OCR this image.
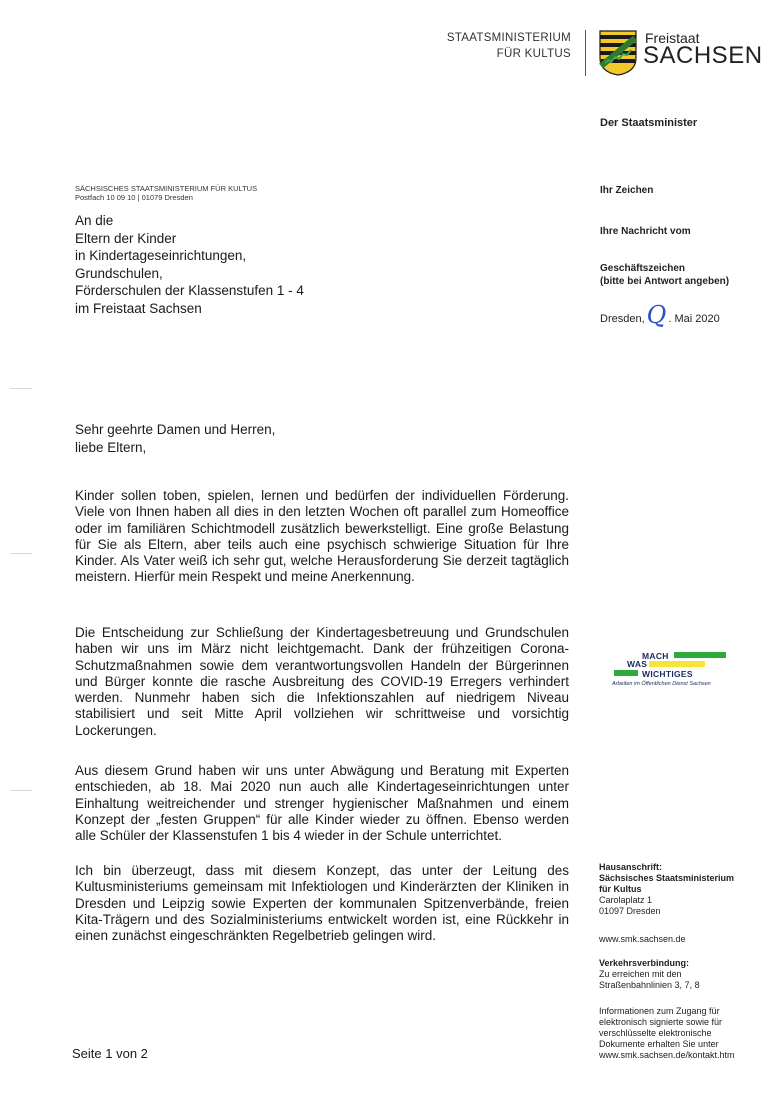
STAATSMINISTERIUM
FÜR KULTUS
Freistaat
SACHSEN
Der Staatsminister
Ihr Zeichen
Ihre Nachricht vom
Geschäftszeichen
(bitte bei Antwort angeben)
Dresden, Q . Mai 2020
SÄCHSISCHES STAATSMINISTERIUM FÜR KULTUS
Postfach 10 09 10 | 01079 Dresden
An die
Eltern der Kinder
in Kindertageseinrichtungen,
Grundschulen,
Förderschulen der Klassenstufen 1 - 4
im Freistaat Sachsen
Sehr geehrte Damen und Herren,
liebe Eltern,
Kinder sollen toben, spielen, lernen und bedürfen der individuellen Förderung. Viele von Ihnen haben all dies in den letzten Wochen oft parallel zum Homeoffice oder im familiären Schichtmodell zusätzlich bewerkstelligt. Eine große Belastung für Sie als Eltern, aber teils auch eine psychisch schwierige Situation für Ihre Kinder. Als Vater weiß ich sehr gut, welche Herausforderung Sie derzeit tagtäglich meistern. Hierfür mein Respekt und meine Anerkennung.
Die Entscheidung zur Schließung der Kindertagesbetreuung und Grundschulen haben wir uns im März nicht leichtgemacht. Dank der frühzeitigen Corona-Schutzmaßnahmen sowie dem verantwortungsvollen Handeln der Bürgerinnen und Bürger konnte die rasche Ausbreitung des COVID-19 Erregers verhindert werden. Nunmehr haben sich die Infektionszahlen auf niedrigem Niveau stabilisiert und seit Mitte April vollziehen wir schrittweise und vorsichtig Lockerungen.
Aus diesem Grund haben wir uns unter Abwägung und Beratung mit Experten entschieden, ab 18. Mai 2020 nun auch alle Kindertageseinrichtungen unter Einhaltung weitreichender und strenger hygienischer Maßnahmen und einem Konzept der „festen Gruppen“ für alle Kinder wieder zu öffnen. Ebenso werden alle Schüler der Klassenstufen 1 bis 4 wieder in der Schule unterrichtet.
Ich bin überzeugt, dass mit diesem Konzept, das unter der Leitung des Kultusministeriums gemeinsam mit Infektiologen und Kinderärzten der Kliniken in Dresden und Leipzig sowie Experten der kommunalen Spitzenverbände, freien Kita-Trägern und des Sozialministeriums entwickelt worden ist, eine Rückkehr in einen zunächst eingeschränkten Regelbetrieb gelingen wird.
Seite 1 von 2
MACH
WAS
WICHTIGES
Arbeiten im Öffentlichen Dienst Sachsen
Hausanschrift:
Sächsisches Staatsministerium
für Kultus
Carolaplatz 1
01097 Dresden
www.smk.sachsen.de
Verkehrsverbindung:
Zu erreichen mit den
Straßenbahnlinien 3, 7, 8
Informationen zum Zugang für
elektronisch signierte sowie für
verschlüsselte elektronische
Dokumente erhalten Sie unter
www.smk.sachsen.de/kontakt.htm
